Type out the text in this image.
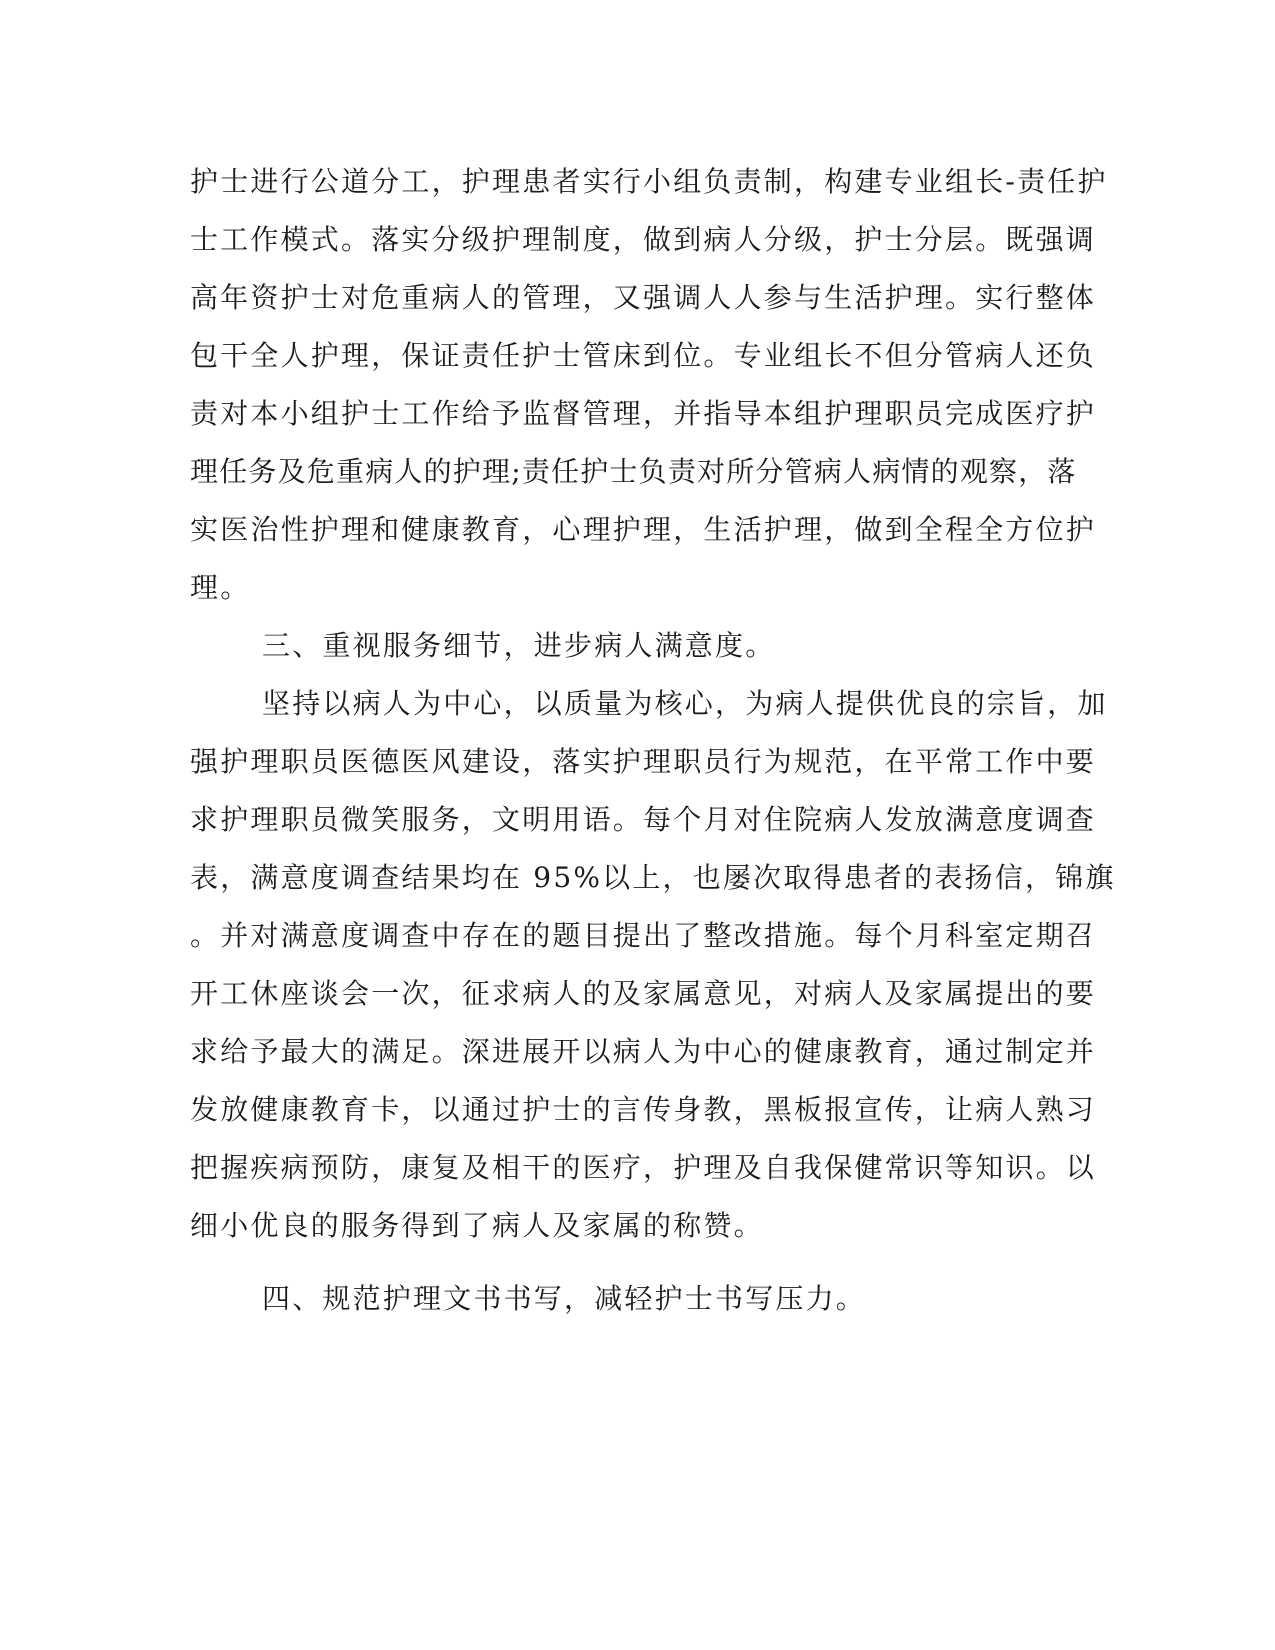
护士进行公道分工，护理患者实行小组负责制，构建专业组长-责任护
士工作模式。落实分级护理制度，做到病人分级，护士分层。既强调
高年资护士对危重病人的管理，又强调人人参与生活护理。实行整体
包干全人护理，保证责任护士管床到位。专业组长不但分管病人还负
责对本小组护士工作给予监督管理，并指导本组护理职员完成医疗护
理任务及危重病人的护理;责任护士负责对所分管病人病情的观察，落
实医治性护理和健康教育，心理护理，生活护理，做到全程全方位护
理。
三、重视服务细节，进步病人满意度。
坚持以病人为中心，以质量为核心，为病人提供优良的宗旨，加
强护理职员医德医风建设，落实护理职员行为规范，在平常工作中要
求护理职员微笑服务，文明用语。每个月对住院病人发放满意度调查
表，满意度调查结果均在 95%以上，也屡次取得患者的表扬信，锦旗
。并对满意度调查中存在的题目提出了整改措施。每个月科室定期召
开工休座谈会一次，征求病人的及家属意见，对病人及家属提出的要
求给予最大的满足。深进展开以病人为中心的健康教育，通过制定并
发放健康教育卡，以通过护士的言传身教，黑板报宣传，让病人熟习
把握疾病预防，康复及相干的医疗，护理及自我保健常识等知识。以
细小优良的服务得到了病人及家属的称赞。
四、规范护理文书书写，减轻护士书写压力。
